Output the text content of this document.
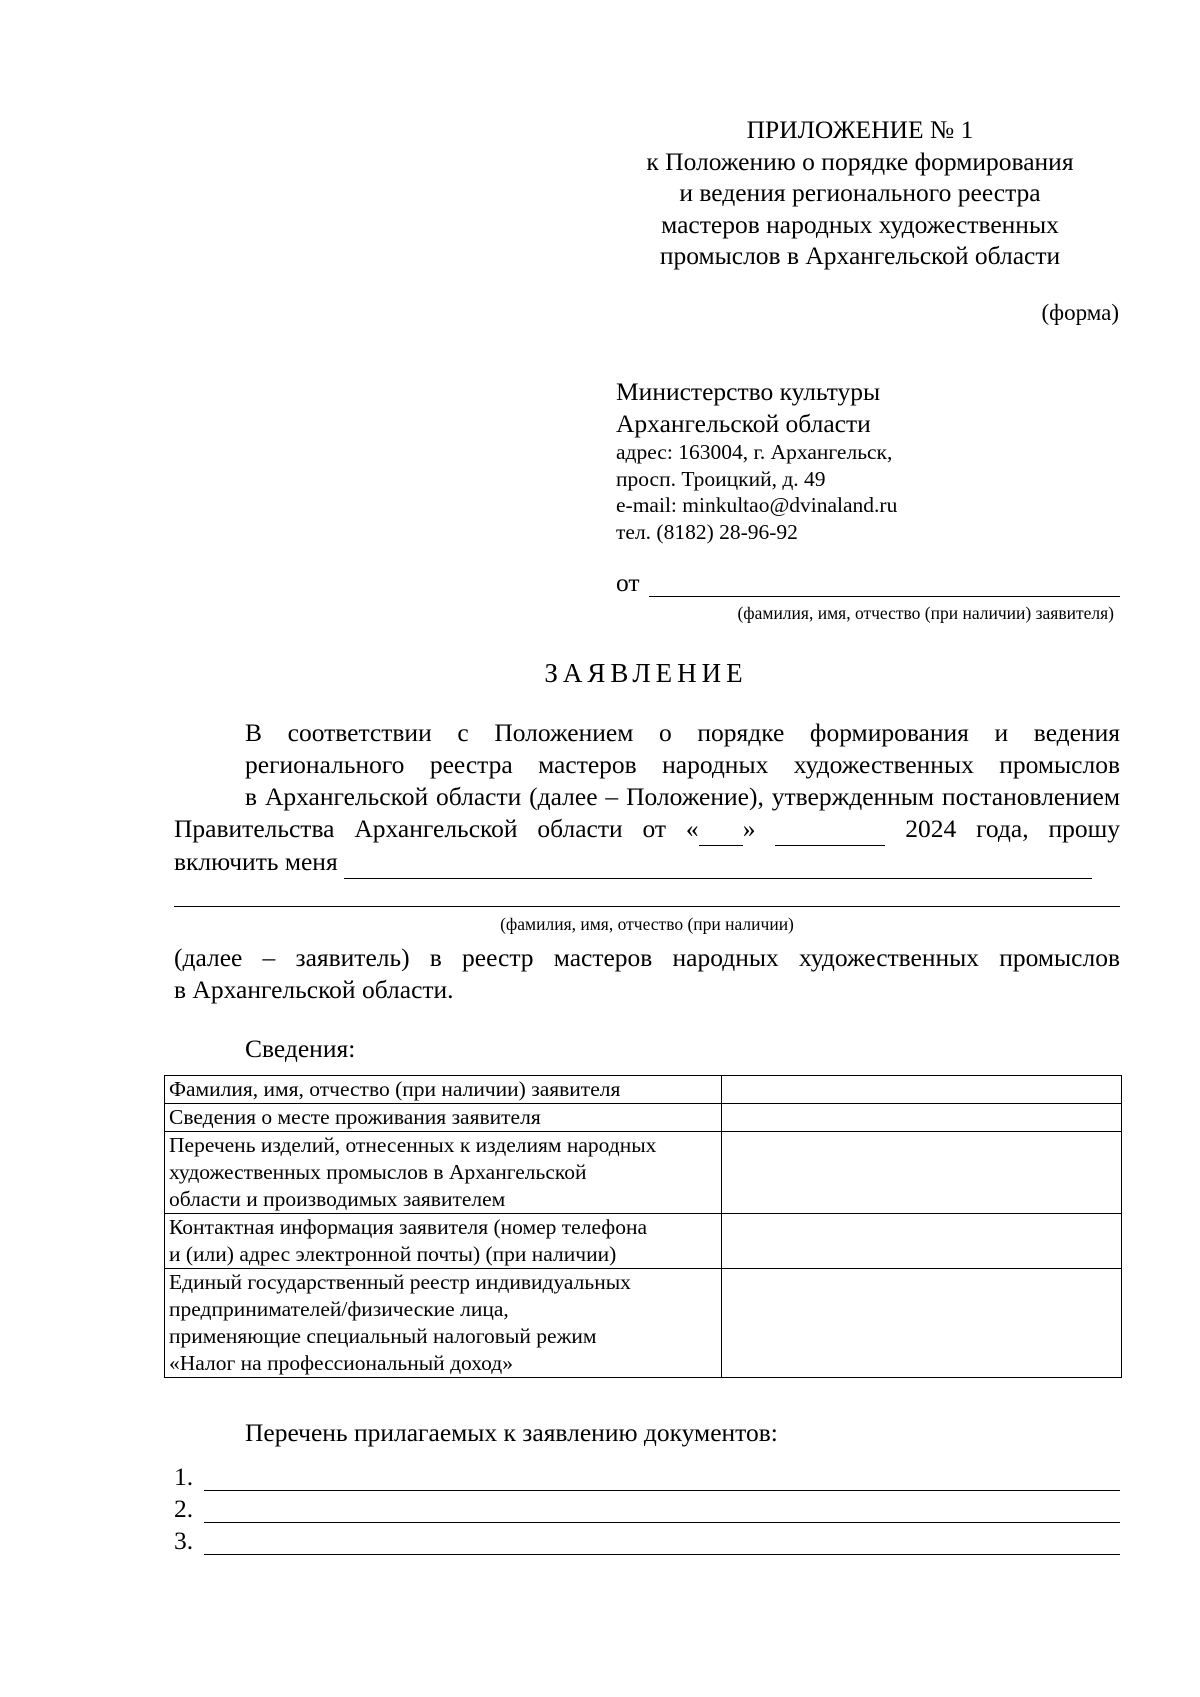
ПРИЛОЖЕНИЕ № 1
к Положению о порядке формирования
и ведения регионального реестра
мастеров народных художественных
промыслов в Архангельской области
(форма)
Министерство культуры
Архангельской области
адрес: 163004, г. Архангельск,
просп. Троицкий, д. 49
e-mail: minkultao@dvinaland.ru
тел. (8182) 28-96-92
от
(фамилия, имя, отчество (при наличии) заявителя)
ЗАЯВЛЕНИЕ
В соответствии с Положением о порядке формирования и ведения
регионального реестра мастеров народных художественных промыслов
в Архангельской области (далее – Положение), утвержденным постановлением
Правительства Архангельской области от « »	2024 года, прошу
включить меня
(фамилия, имя, отчество (при наличии)
(далее – заявитель) в реестр мастеров народных художественных промыслов
в Архангельской области.
Сведения:
Фамилия, имя, отчество (при наличии) заявителя	

Сведения о месте проживания заявителя	

Перечень изделий, отнесенных к изделиям народных
художественных промыслов в Архангельской
области и производимых заявителем	

Контактная информация заявителя (номер телефона
и (или) адрес электронной почты) (при наличии)	

Единый государственный реестр индивидуальных
предпринимателей/физические лица,
применяющие специальный налоговый режим
«Налог на профессиональный доход»	

Перечень прилагаемых к заявлению документов:
1.
2.
3.
